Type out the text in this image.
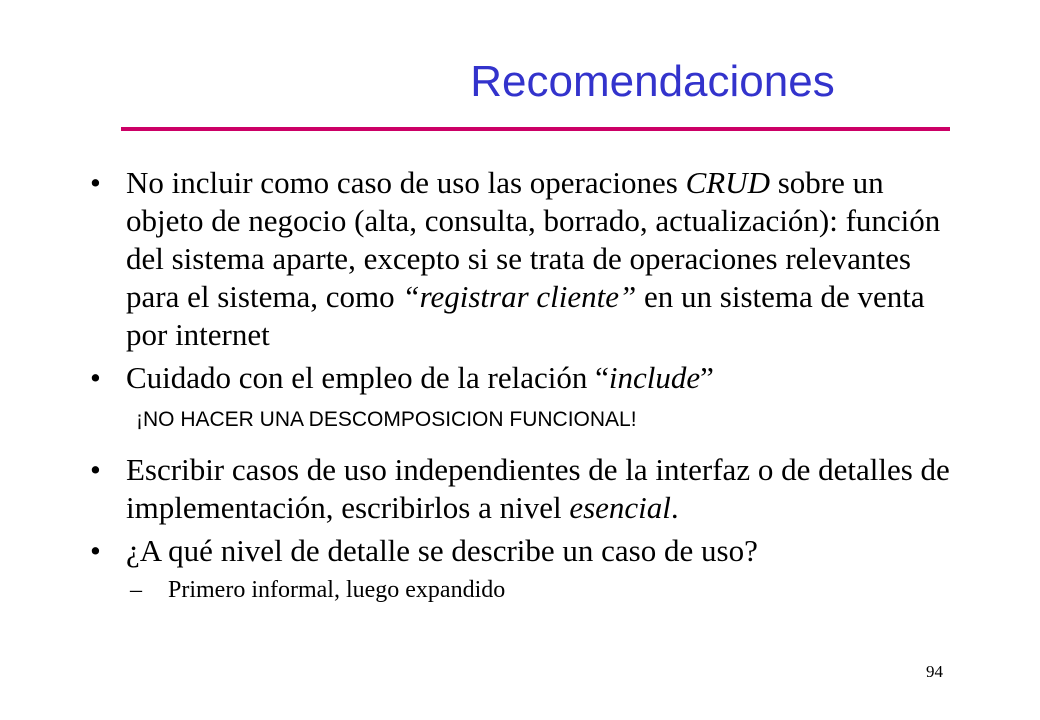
Recomendaciones
• No incluir como caso de uso las operaciones CRUD sobre un objeto de negocio (alta, consulta, borrado, actualización): función del sistema aparte, excepto si se trata de operaciones relevantes para el sistema, como “registrar cliente” en un sistema de venta por internet
• Cuidado con el empleo de la relación “include”
¡NO HACER UNA DESCOMPOSICION FUNCIONAL!
• Escribir casos de uso independientes de la interfaz o de detalles de implementación, escribirlos a nivel esencial.
• ¿A qué nivel de detalle se describe un caso de uso?
– Primero informal, luego expandido
94
